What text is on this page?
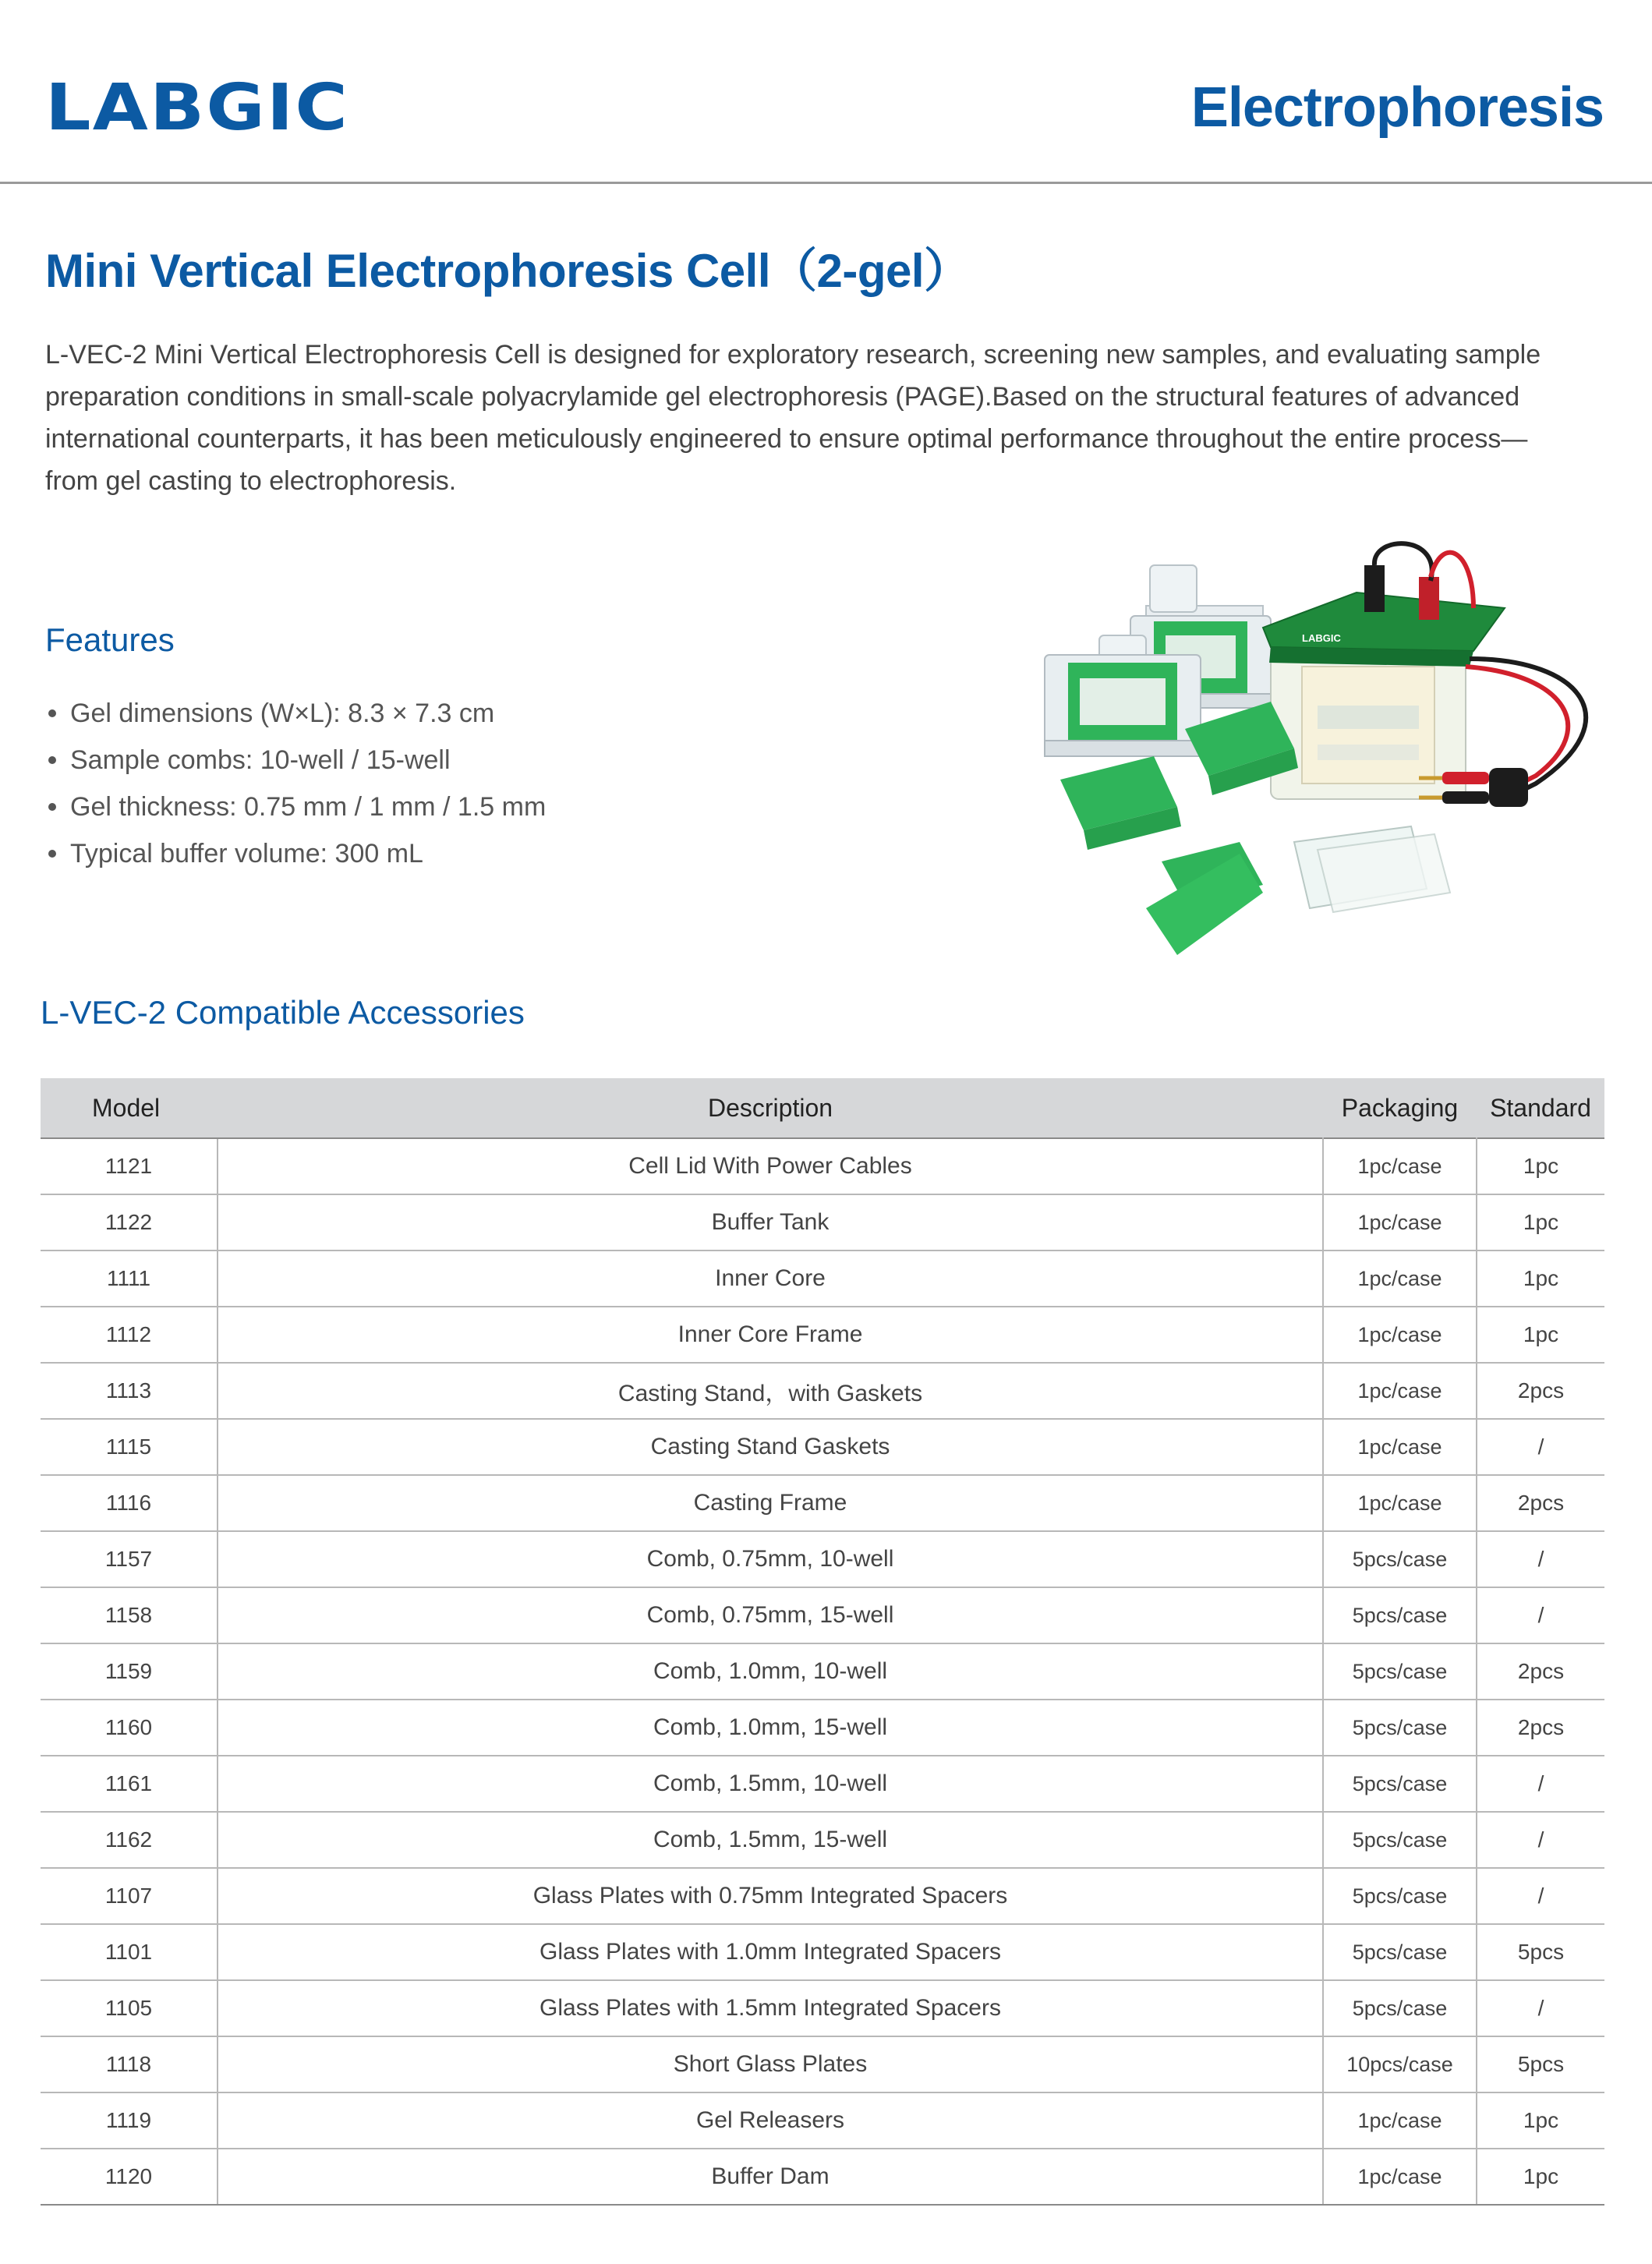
LABGIC	Electrophoresis
Mini Vertical Electrophoresis Cell（2-gel）

L-VEC-2 Mini Vertical Electrophoresis Cell is designed for exploratory research, screening new samples, and evaluating sample preparation conditions in small-scale polyacrylamide gel electrophoresis (PAGE).Based on the structural features of advanced international counterparts, it has been meticulously engineered to ensure optimal performance throughout the entire process—from gel casting to electrophoresis.

Features
Gel dimensions (W×L): 8.3 × 7.3 cm
Sample combs: 10-well / 15-well
Gel thickness: 0.75 mm / 1 mm / 1.5 mm
Typical buffer volume: 300 mL
LABGIC
L-VEC-2 Compatible Accessories
Model	Description	Packaging	Standard
1121	Cell Lid With Power Cables	1pc/case	1pc
1122	Buffer Tank	1pc/case	1pc
1111	Inner Core	1pc/case	1pc
1112	Inner Core Frame	1pc/case	1pc
1113	Casting Stand，with Gaskets	1pc/case	2pcs
1115	Casting Stand Gaskets	1pc/case	/
1116	Casting Frame	1pc/case	2pcs
1157	Comb, 0.75mm, 10-well	5pcs/case	/
1158	Comb, 0.75mm, 15-well	5pcs/case	/
1159	Comb, 1.0mm, 10-well	5pcs/case	2pcs
1160	Comb, 1.0mm, 15-well	5pcs/case	2pcs
1161	Comb, 1.5mm, 10-well	5pcs/case	/
1162	Comb, 1.5mm, 15-well	5pcs/case	/
1107	Glass Plates with 0.75mm Integrated Spacers	5pcs/case	/
1101	Glass Plates with 1.0mm Integrated Spacers	5pcs/case	5pcs
1105	Glass Plates with 1.5mm Integrated Spacers	5pcs/case	/
1118	Short Glass Plates	10pcs/case	5pcs
1119	Gel Releasers	1pc/case	1pc
1120	Buffer Dam	1pc/case	1pc
